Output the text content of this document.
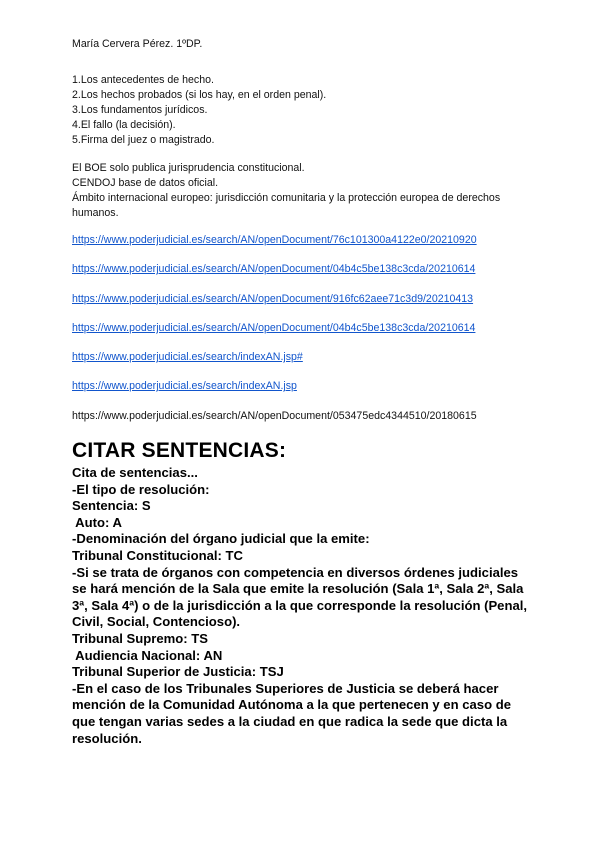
María Cervera Pérez. 1ºDP.
1.Los antecedentes de hecho.
2.Los hechos probados (si los hay, en el orden penal).
3.Los fundamentos jurídicos.
4.El fallo (la decisión).
5.Firma del juez o magistrado.
El BOE solo publica jurisprudencia constitucional.
CENDOJ base de datos oficial.
Ámbito internacional europeo: jurisdicción comunitaria y la protección europea de derechos humanos.
https://www.poderjudicial.es/search/AN/openDocument/76c101300a4122e0/20210920
https://www.poderjudicial.es/search/AN/openDocument/04b4c5be138c3cda/20210614
https://www.poderjudicial.es/search/AN/openDocument/916fc62aee71c3d9/20210413
https://www.poderjudicial.es/search/AN/openDocument/04b4c5be138c3cda/20210614
https://www.poderjudicial.es/search/indexAN.jsp#
https://www.poderjudicial.es/search/indexAN.jsp
https://www.poderjudicial.es/search/AN/openDocument/053475edc4344510/20180615
CITAR SENTENCIAS:
Cita de sentencias...
-El tipo de resolución:
Sentencia: S
Auto: A
-Denominación del órgano judicial que la emite:
Tribunal Constitucional: TC
-Si se trata de órganos con competencia en diversos órdenes judiciales se hará mención de la Sala que emite la resolución (Sala 1ª, Sala 2ª, Sala 3ª, Sala 4ª) o de la jurisdicción a la que corresponde la resolución (Penal, Civil, Social, Contencioso).
Tribunal Supremo: TS
Audiencia Nacional: AN
Tribunal Superior de Justicia: TSJ
-En el caso de los Tribunales Superiores de Justicia se deberá hacer mención de la Comunidad Autónoma a la que pertenecen y en caso de que tengan varias sedes a la ciudad en que radica la sede que dicta la resolución.
